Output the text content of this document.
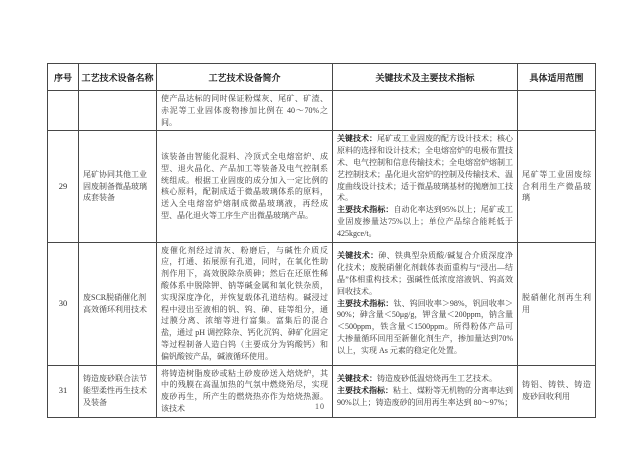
序号	工艺技术设备名称	工艺技术设备简介	关键技术及主要技术指标	具体适用范围
		使产品达标的同时保证粉煤灰、尾矿、矿渣、赤泥等工业固体废物掺加比例在 40～70%之间。	

29	尾矿协同其他工业固废制备微晶玻璃成套装备	该装备由智能化混料、冷顶式全电熔窑炉、成型、退火晶化、产品加工等装备及电气控制系统组成。根据工业固废的成分加入一定比例的核心原料，配制成适于微晶玻璃体系的原料，送入全电熔窑炉熔制成微晶玻璃液，再经成型、晶化退火等工序生产出微晶玻璃产品。	关键技术：尾矿或工业固废的配方设计技术；核心原料的选择和设计技术；全电熔窑炉的电极布置技术、电气控制和信息传输技术；全电熔窑炉熔制工艺控制技术；晶化退火窑炉的控制及传输技术、温度曲线设计技术；适于微晶玻璃基材的抛磨加工技术。

主要技术指标：自动化率达到95%以上；尾矿或工业固废掺量达75%以上；单位产品综合能耗低于425kgce/t。	尾矿等工业固废综合利用生产微晶玻璃
30	废SCR脱硝催化剂高效循环利用技术	废催化剂经过清灰、粉磨后，与碱性介质反应，打通、拓展原有孔道，同时，在氧化性助剂作用下，高效脱除杂质砷；然后在还原性稀酸体系中脱除钾、钠等碱金属和氧化铁杂质，实现深度净化，并恢复载体孔道结构。碱浸过程中浸出至液相的钒、钨、砷、硅等组分，通过膜分离、浓缩等进行富集。富集后的混合盐，通过 pH 调控除杂、钙化沉钨、砷矿化固定等过程制备人造白钨（主要成分为钨酸钙）和偏钒酸铵产品，碱液循环使用。	关键技术：砷、铁典型杂质酸/碱复合介质深度净化技术；废脱硝催化剂载体表面重构与“浸出—结晶”体相重构技术；强碱性低浓度溶液钒、钨高效回收技术。

主要技术指标：钛、钨回收率＞98%，钒回收率＞90%；砷含量＜50μg/g，钾含量＜200ppm，钠含量＜500ppm，铁含量＜1500ppm。所得粉体产品可大掺量循环回用至新催化剂生产，掺加量达到70%以上，实现 As 元素的稳定化处置。	脱硝催化剂再生利用
31	铸造废砂联合法节能型柔性再生技术及装备	将铸造树脂废砂或粘土砂废砂送入焙烧炉，其中的残膜在高温加热的气氛中燃烧殆尽，实现废砂再生，所产生的燃烧热亦作为焙烧热源。该技术	关键技术：铸造废砂低温焙烧再生工艺技术。

主要技术指标：粘土、煤粉等无机物的分离率达到90%以上；铸造废砂的回用再生率达到 80～97%；	铸铝、铸铁、铸造废砂回收利用
10
